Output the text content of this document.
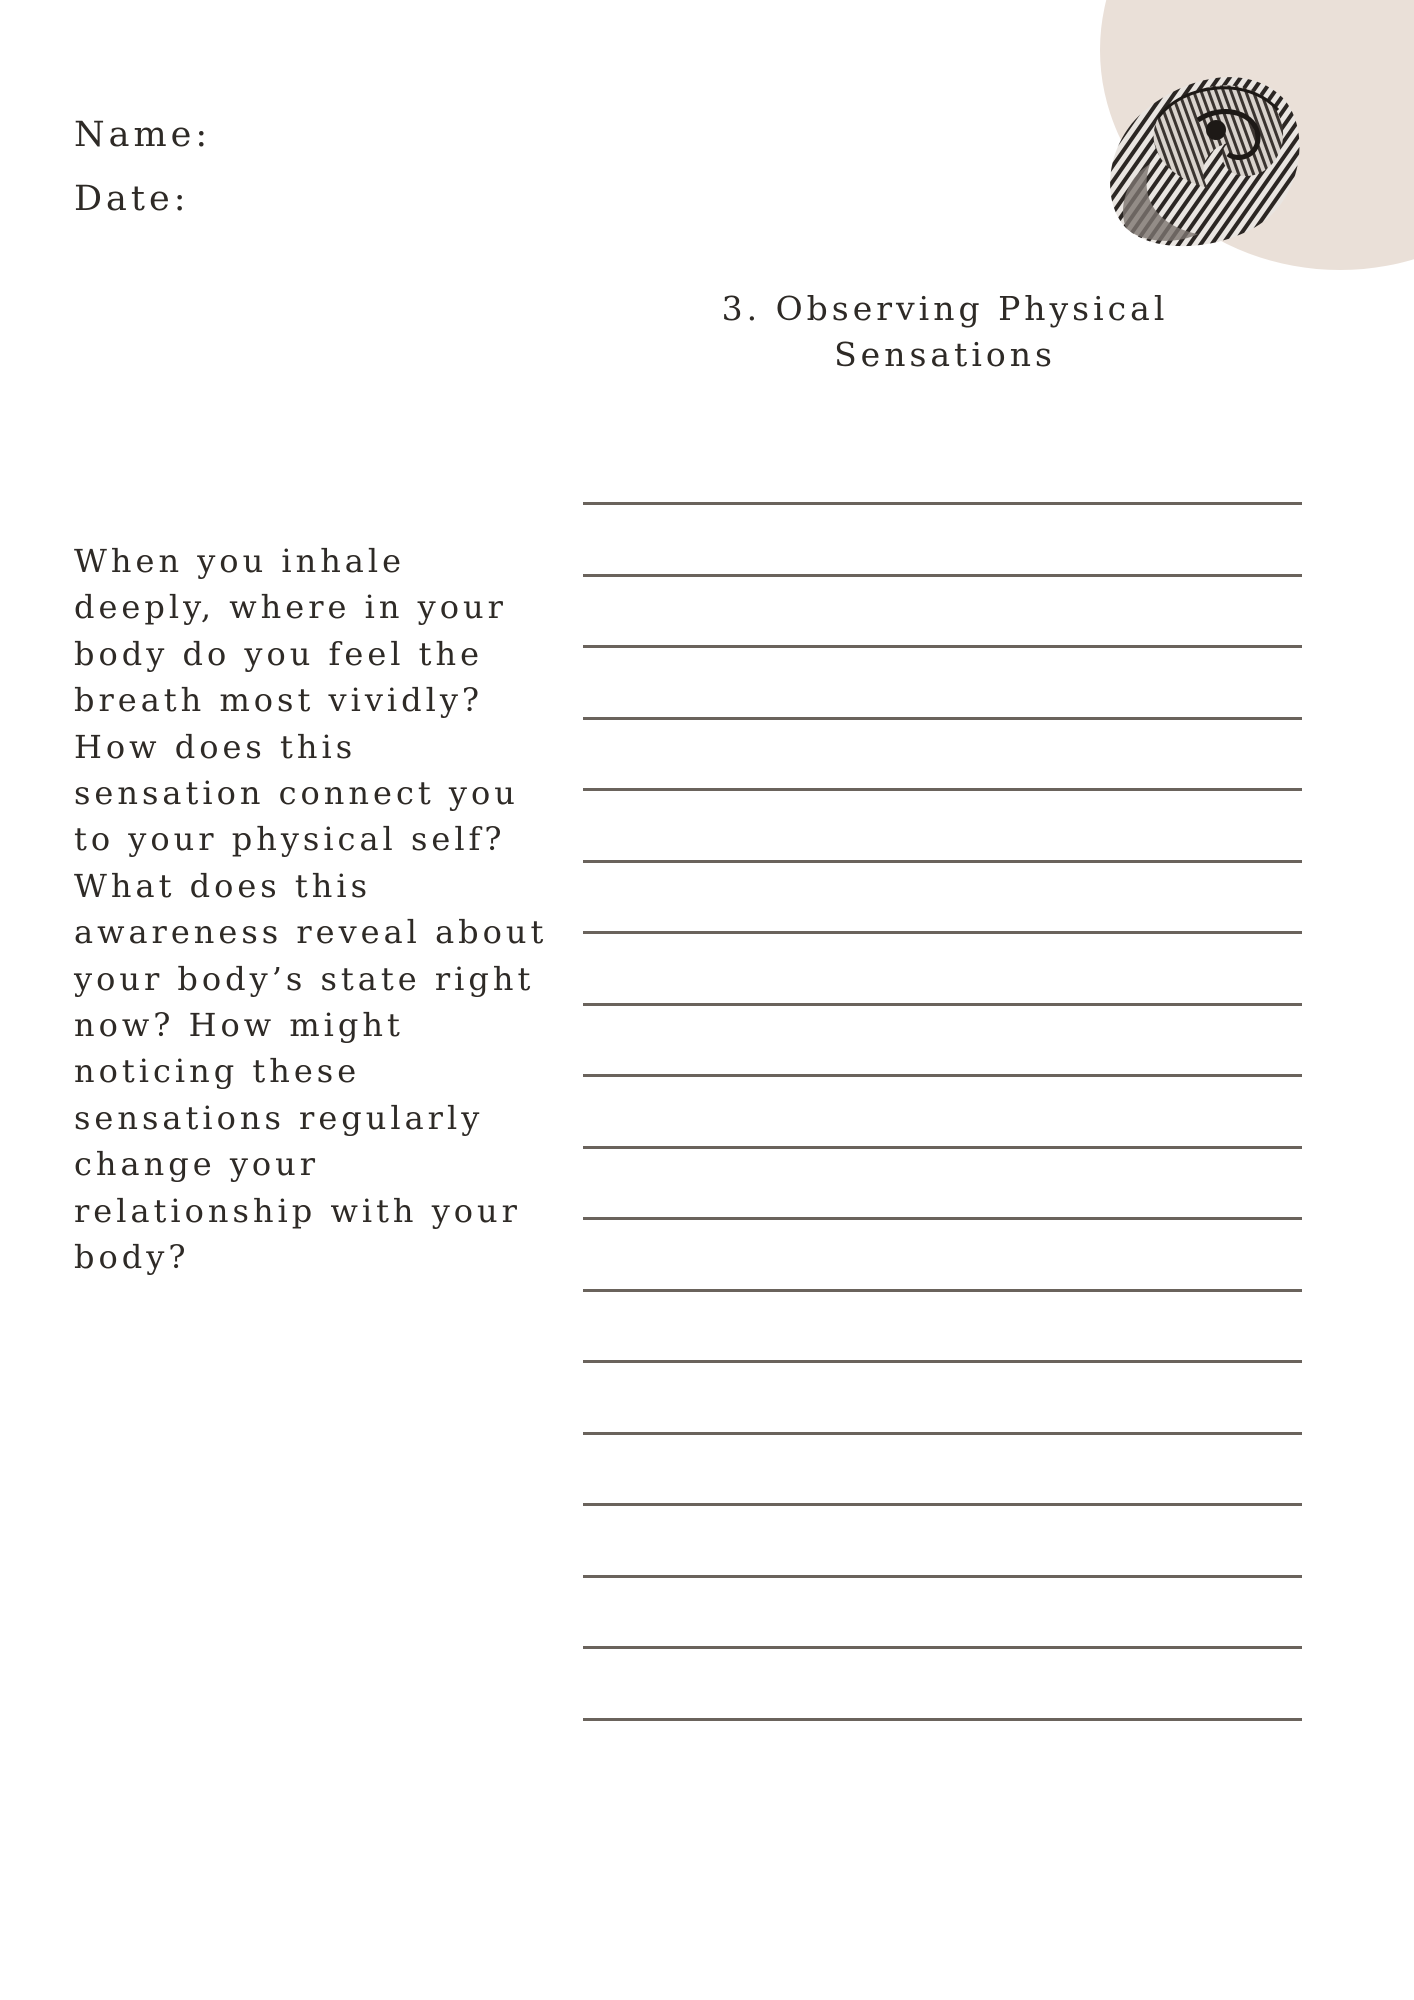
Name:
Date:
3. Observing Physical Sensations

When you inhale deeply, where in your body do you feel the breath most vividly? How does this sensation connect you to your physical self? What does this awareness reveal about your body’s state right now? How might noticing these sensations regularly change your relationship with your body?
